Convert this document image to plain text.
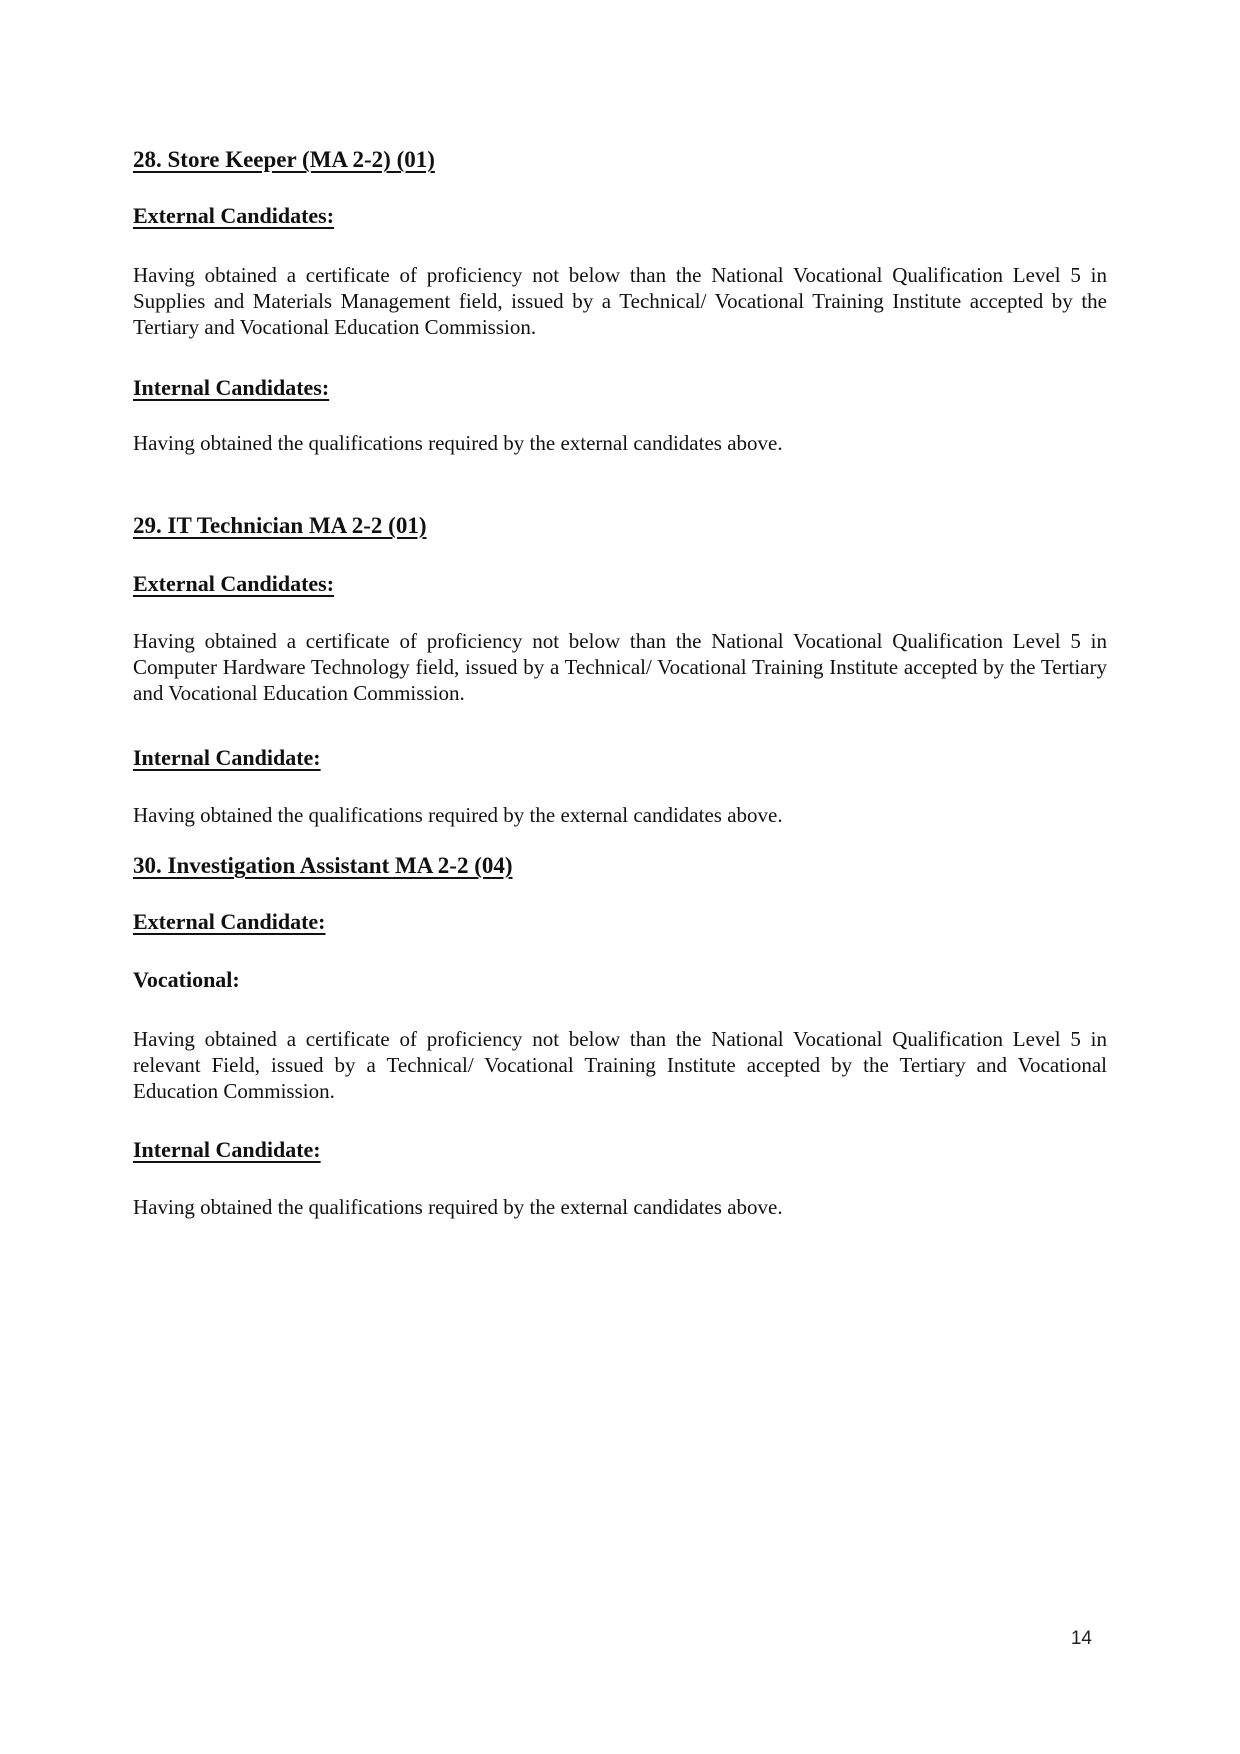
28. Store Keeper (MA 2-2) (01)
External Candidates:

Having obtained a certificate of proficiency not below than the National Vocational Qualification Level 5 in Supplies and Materials Management field, issued by a Technical/ Vocational Training Institute accepted by the Tertiary and Vocational Education Commission.

Internal Candidates:

Having obtained the qualifications required by the external candidates above.

29. IT Technician MA 2-2 (01)
External Candidates:

Having obtained a certificate of proficiency not below than the National Vocational Qualification Level 5 in Computer Hardware Technology field, issued by a Technical/ Vocational Training Institute accepted by the Tertiary and Vocational Education Commission.

Internal Candidate:

Having obtained the qualifications required by the external candidates above.

30. Investigation Assistant MA 2-2 (04)
External Candidate:
Vocational:

Having obtained a certificate of proficiency not below than the National Vocational Qualification Level 5 in relevant Field, issued by a Technical/ Vocational Training Institute accepted by the Tertiary and Vocational Education Commission.

Internal Candidate:

Having obtained the qualifications required by the external candidates above.

14
